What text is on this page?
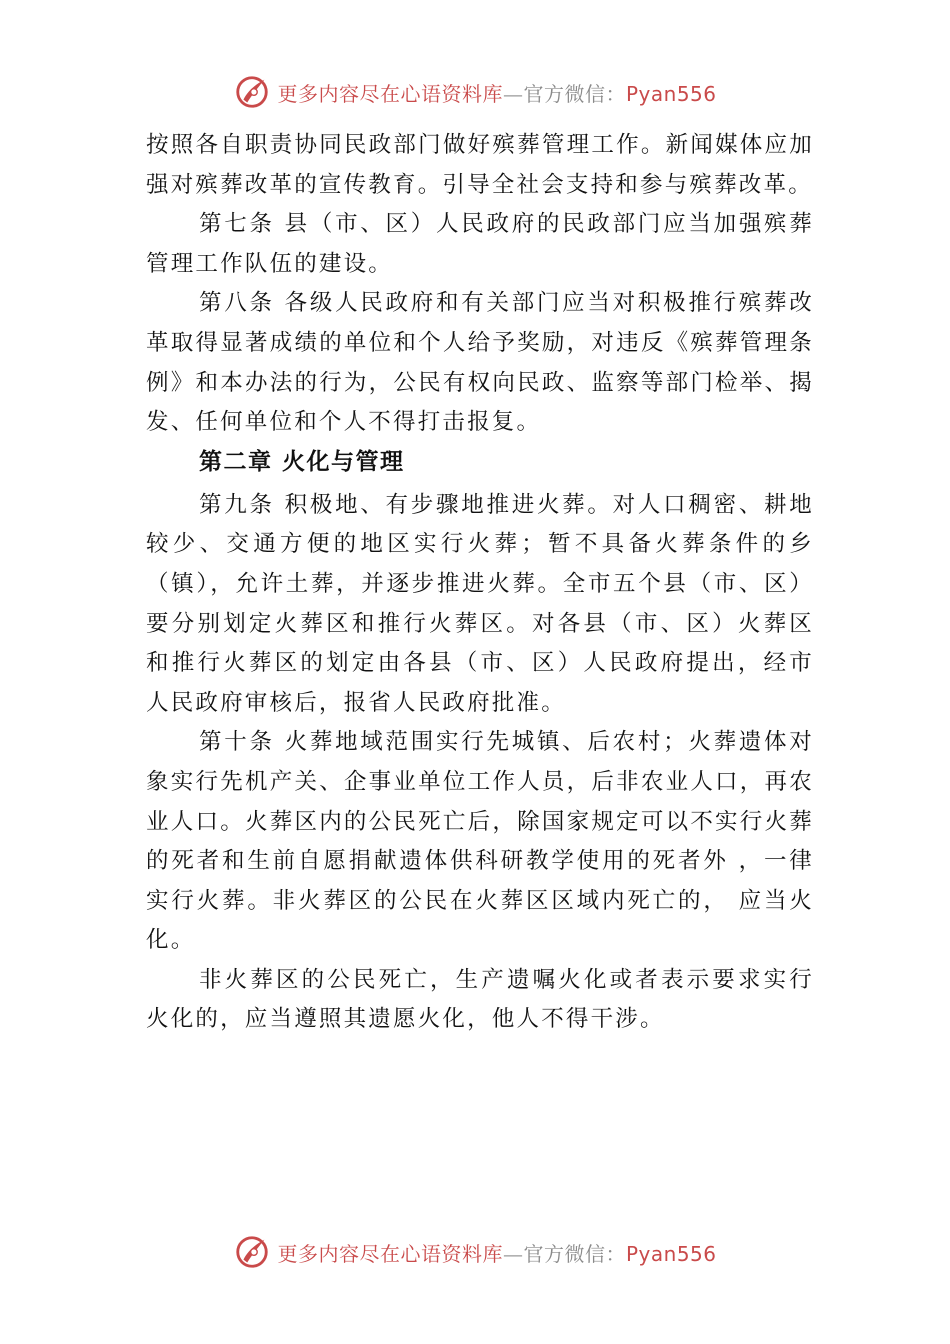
更多内容尽在心语资料库—官方微信：Pyan556

按照各自职责协同民政部门做好殡葬管理工作。新闻媒体应加强对殡葬改革的宣传教育。引导全社会支持和参与殡葬改革。

第七条 县（市、区）人民政府的民政部门应当加强殡葬管理工作队伍的建设。

第八条 各级人民政府和有关部门应当对积极推行殡葬改革取得显著成绩的单位和个人给予奖励，对违反《殡葬管理条例》和本办法的行为，公民有权向民政、监察等部门检举、揭发、任何单位和个人不得打击报复。

第二章 火化与管理

第九条 积极地、有步骤地推进火葬。对人口稠密、耕地较少、交通方便的地区实行火葬；暂不具备火葬条件的乡（镇），允许土葬，并逐步推进火葬。全市五个县（市、区） 要分别划定火葬区和推行火葬区。对各县（市、区）火葬区 和推行火葬区的划定由各县（市、区）人民政府提出，经市 人民政府审核后，报省人民政府批准。

第十条 火葬地域范围实行先城镇、后农村；火葬遗体对象实行先机产关、企事业单位工作人员，后非农业人口，再农业人口。火葬区内的公民死亡后，除国家规定可以不实行火葬的死者和生前自愿捐献遗体供科研教学使用的死者外 ，一律实行火葬。非火葬区的公民在火葬区区域内死亡的， 应当火化。

非火葬区的公民死亡，生产遗嘱火化或者表示要求实行火化的，应当遵照其遗愿火化，他人不得干涉。

更多内容尽在心语资料库—官方微信：Pyan556
